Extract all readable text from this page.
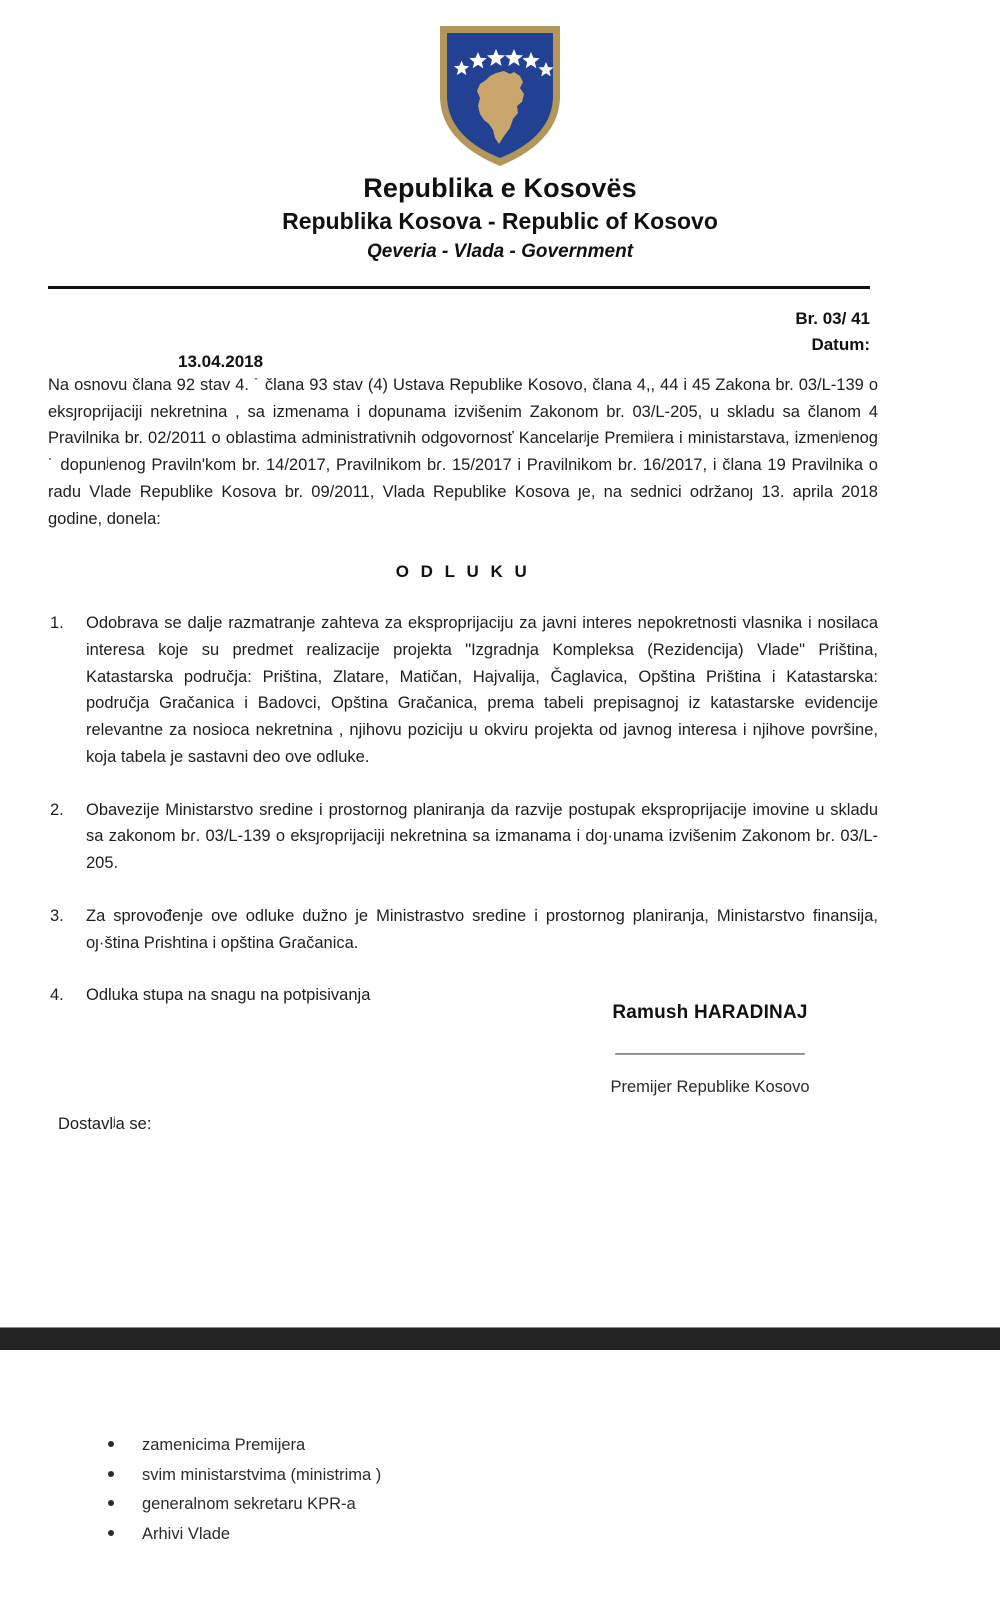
Republika e Kosovës
Republika Kosova - Republic of Kosovo
Qeveria - Vlada - Government
Br. 03/ 41
Datum:
13.04.2018

Na osnovu člana 92 stav 4. ˙ člana 93 stav (4) Ustava Republike Kosovo, člana 4,, 44 i 45 Zakona br. 03/L-139 o eksȷropɾijaciji nekretnina , sa izmenama i dopunama izvišenim Zakonom br. 03/L-205, u skladu sa članom 4 Pravilnika br. 02/2011 o oblastima administrativnih odgovornosť Kancelarʲje Premiʲera i ministarstava, izmenʲenog ˙ dopunʲenog Pravilnʹkom br. 14/2017, Pravilnikom bɾ. 15/2017 i Pɾavilnikom bɾ. 16/2017, i člana 19 Pravilnika o radu Vlade Republike Kosova br. 09/2011, Vlada Republike Kosova ȷe, na sednici održanoȷ 13. aprila 2018 godine, donela:

O D L U K U
1.	Odobrava se dalje razmatranje zahteva za eksproprijaciju za javni interes nepokretnosti vlasnika i nosilaca interesa koje su predmet realizacije projekta "Izgradnja Kompleksa (Rezidencija) Vlade" Priština, Katastarska područja: Priština, Zlatare, Matičan, Hajvalija, Čaglavica, Opština Priština i Katastarska: područja Gračanica i Badovci, Opština Gračanica, prema tabeli prepisagnoj iz katastarske evidencije relevantne za nosioca nekretnina , njihovu poziciju u okviɾu pɾojekta od javnog inteɾesa i njihove površine, koja tabela je sastavni deo ove odluke.
2.	Obavezije Ministarstvo sredine i prostornog planiranja da razvije postupak eksproprijacije imovine u skladu sa zakonom bɾ. 03/L-139 o eksȷɾopɾijaciji nekɾetnina sa izmanama i doȷ·unama izvišenim Zakonom bɾ. 03/L-205.
3.	Za sprovođenje ove odluke dužno je Ministrastvo sredine i prostornog planiranja, Ministaɾstvo finansija, oȷ·ština Pɾishtina i opština Gɾačanica.
4.	Odluka stupa na snagu na potpisivanja
Ramush HARADINAJ
____________________
Premijer Republike Kosovo
Dostavlʲa se:
zamenicima Premijera
svim ministarstvima (ministrima )
generalnom sekretaru KPR-a
Arhivi Vlade
